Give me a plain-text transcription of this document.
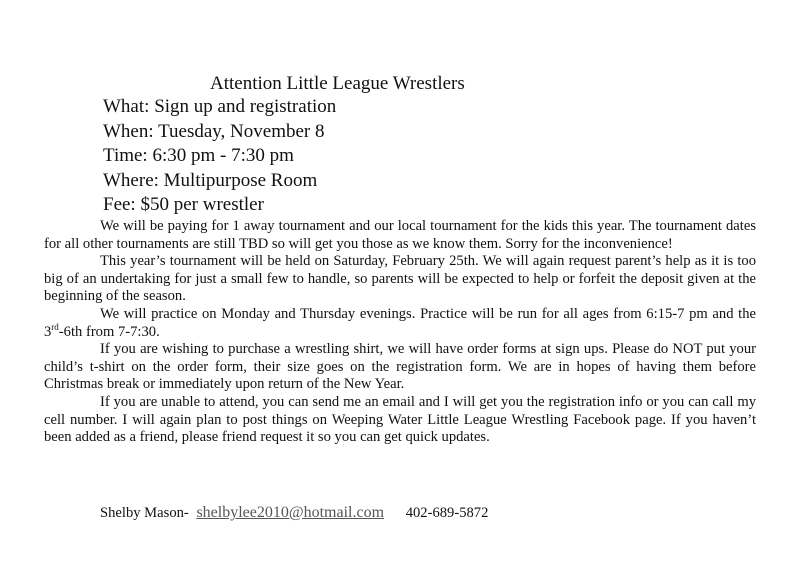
Attention Little League Wrestlers
What: Sign up and registration
When: Tuesday, November 8
Time: 6:30 pm - 7:30 pm
Where: Multipurpose Room
Fee: $50 per wrestler

We will be paying for 1 away tournament and our local tournament for the kids this year. The tournament dates for all other tournaments are still TBD so will get you those as we know them. Sorry for the inconvenience!

This year’s tournament will be held on Saturday, February 25th. We will again request parent’s help as it is too big of an undertaking for just a small few to handle, so parents will be expected to help or forfeit the deposit given at the beginning of the season.

We will practice on Monday and Thursday evenings. Practice will be run for all ages from 6:15-7 pm and the 3rd-6th from 7-7:30.

If you are wishing to purchase a wrestling shirt, we will have order forms at sign ups. Please do NOT put your child’s t-shirt on the order form, their size goes on the registration form. We are in hopes of having them before Christmas break or immediately upon return of the New Year.

If you are unable to attend, you can send me an email and I will get you the registration info or you can call my cell number. I will again plan to post things on Weeping Water Little League Wrestling Facebook page. If you haven’t been added as a friend, please friend request it so you can get quick updates.

Shelby Mason- shelbylee2010@hotmail.com 402-689-5872
